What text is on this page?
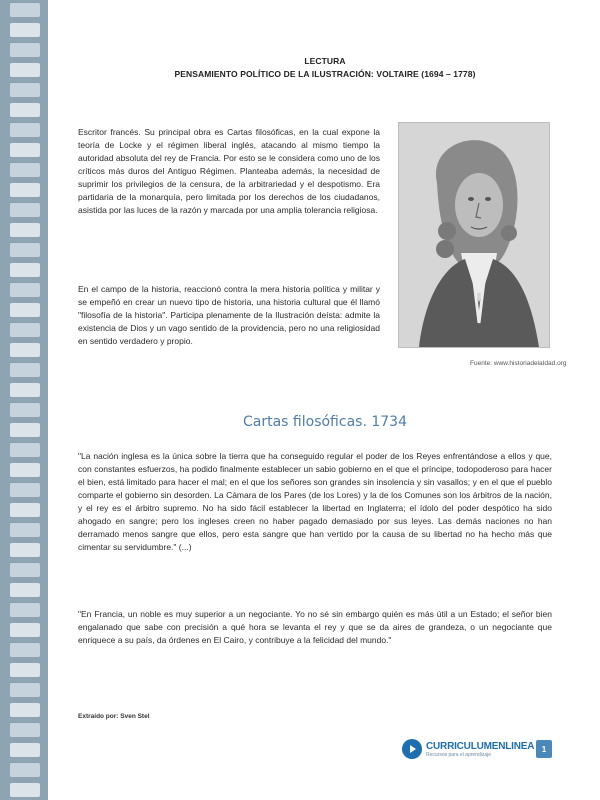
LECTURA
PENSAMIENTO POLÍTICO DE LA ILUSTRACIÓN: VOLTAIRE (1694 – 1778)

Escritor francés. Su principal obra es Cartas filosóficas, en la cual expone la teoría de Locke y el régimen liberal inglés, atacando al mismo tiempo la autoridad absoluta del rey de Francia. Por esto se le considera como uno de los críticos más duros del Antiguo Régimen. Planteaba además, la necesidad de suprimir los privilegios de la censura, de la arbitrariedad y el despotismo. Era partidaria de la monarquía, pero limitada por los derechos de los ciudadanos, asistida por las luces de la razón y marcada por una amplia tolerancia religiosa.

En el campo de la historia, reaccionó contra la mera historia política y militar y se empeñó en crear un nuevo tipo de historia, una historia cultural que él llamó "filosofía de la historia". Participa plenamente de la Ilustración deísta: admite la existencia de Dios y un vago sentido de la providencia, pero no una religiosidad en sentido verdadero y propio.

Fuente: www.historiadelaIdad.org
Cartas filosóficas. 1734

"La nación inglesa es la única sobre la tierra que ha conseguido regular el poder de los Reyes enfrentándose a ellos y que, con constantes esfuerzos, ha podido finalmente establecer un sabio gobierno en el que el príncipe, todopoderoso para hacer el bien, está limitado para hacer el mal; en el que los señores son grandes sin insolencia y sin vasallos; y en el que el pueblo comparte el gobierno sin desorden. La Cámara de los Pares (de los Lores) y la de los Comunes son los árbitros de la nación, y el rey es el árbitro supremo. No ha sido fácil establecer la libertad en Inglaterra; el ídolo del poder despótico ha sido ahogado en sangre; pero los ingleses creen no haber pagado demasiado por sus leyes. Las demás naciones no han derramado menos sangre que ellos, pero esta sangre que han vertido por la causa de su libertad no ha hecho más que cimentar su servidumbre." (...)

"En Francia, un noble es muy superior a un negociante. Yo no sé sin embargo quién es más útil a un Estado; el señor bien engalanado que sabe con precisión a qué hora se levanta el rey y que se da aires de grandeza, o un negociante que enriquece a su país, da órdenes en El Cairo, y contribuye a la felicidad del mundo."

Extraído por: Sven Stel
CURRICULUMENLINEA
Recursos para el aprendizaje
1
